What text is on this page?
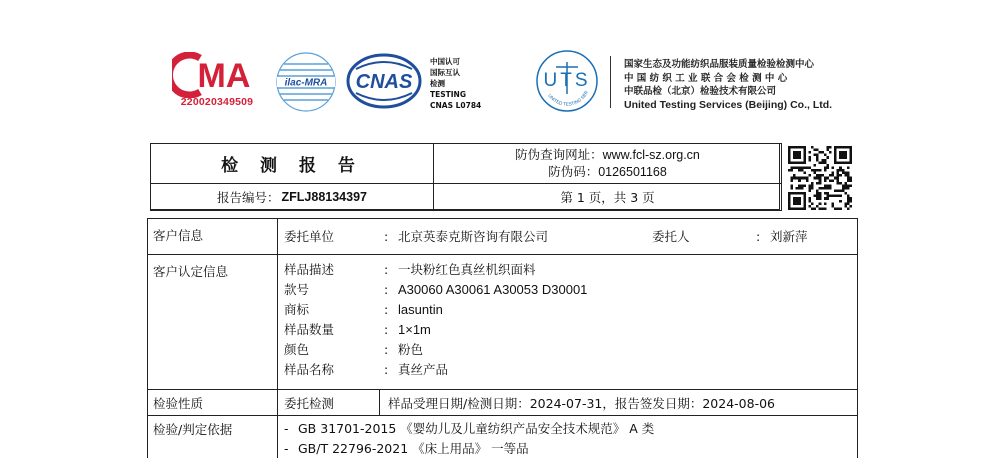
MA
220020349509
ilac-MRA CNAS
中国认可
国际互认
检测
TESTING
CNAS L0784
UTS
UNITED TESTING SER
国家生态及功能纺织品服装质量检验检测中心
中 国 纺 织 工 业 联 合 会 检 测 中 心
中联品检（北京）检验技术有限公司
United Testing Services (Beijing) Co., Ltd.
检 测 报 告
防伪查询网址：www.fcl-sz.org.cn
防伪码：0126501168
报告编号： ZFLJ88134397	第 1 页，共 3 页
客户信息	委托单位	: 北京英泰克斯咨询有限公司	委托人	: 刘新萍
客户认定信息	样品描述	: 一块粉红色真丝机织面料
款号	: A30060 A30061 A30053 D30001
商标	: lasuntin
样品数量	: 1×1m
颜色	: 粉色
样品名称	: 真丝产品
检验性质	委托检测	样品受理日期/检测日期：2024-07-31，报告签发日期：2024-08-06
检验/判定依据	- GB 31701-2015 《婴幼儿及儿童纺织产品安全技术规范》 A 类
- GB/T 22796-2021 《床上用品》 一等品
